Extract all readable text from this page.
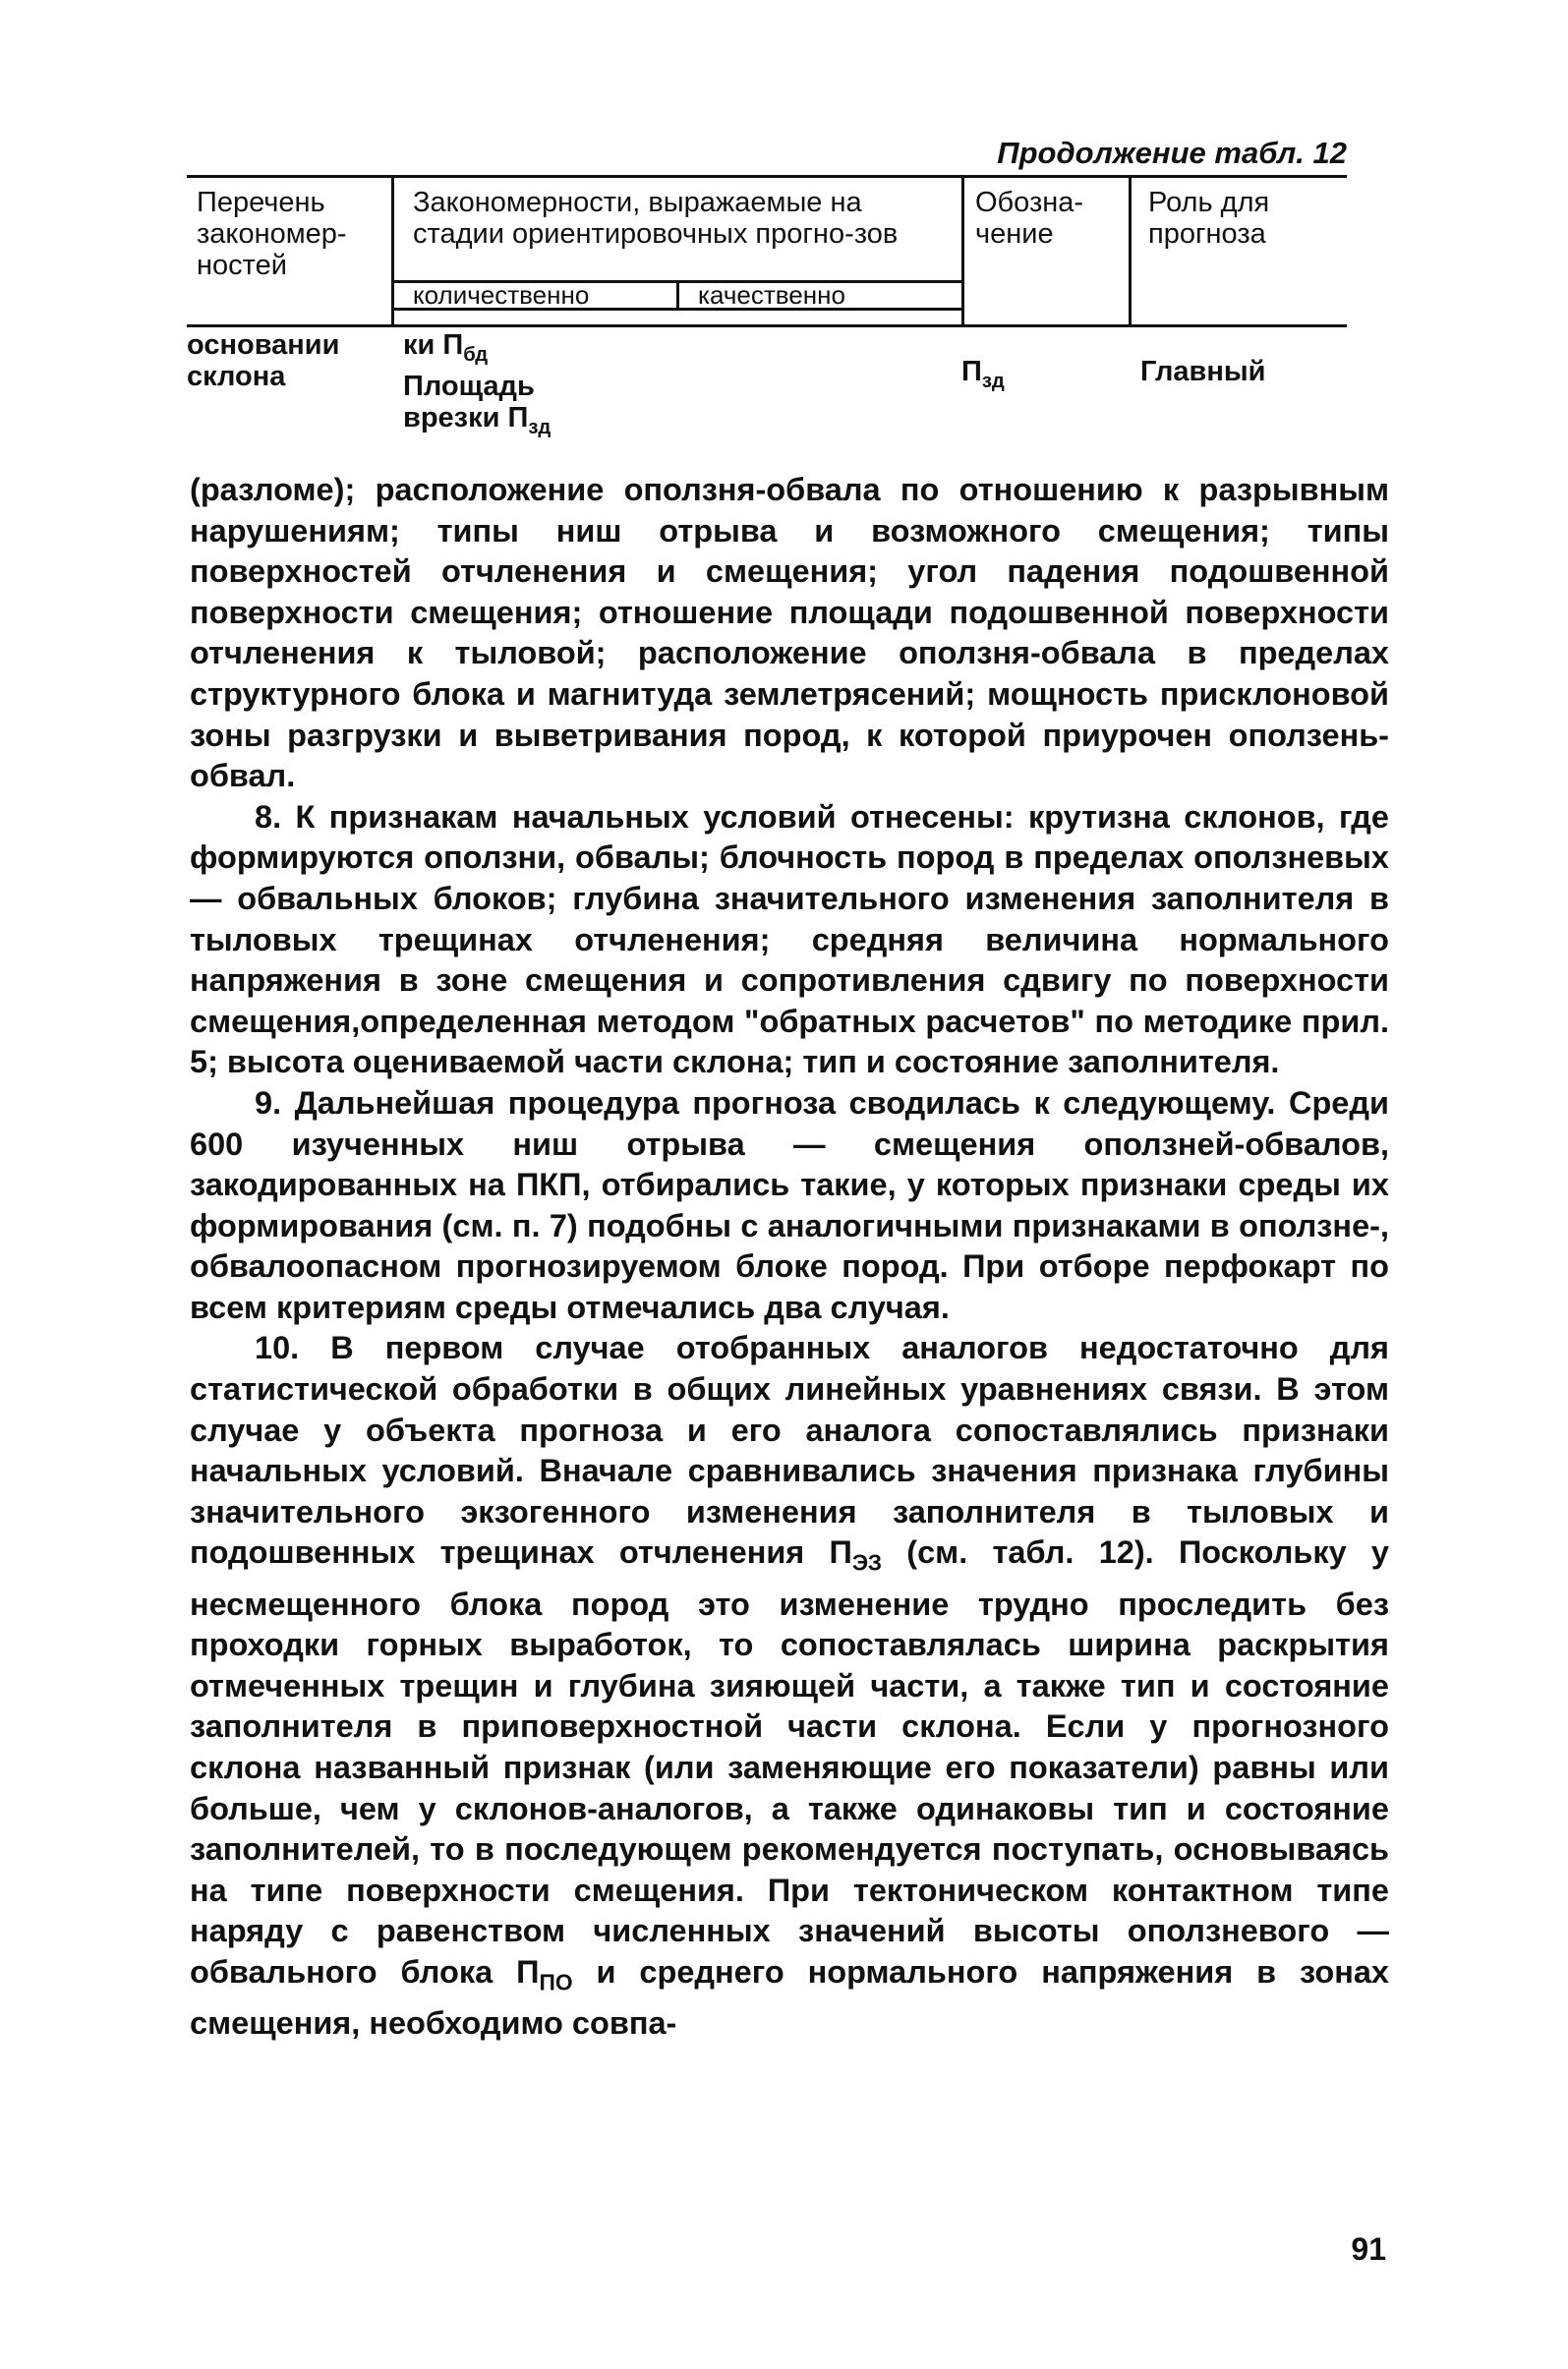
Продолжение табл. 12
Перечень закономер-ностей
Закономерности, выражаемые на стадии ориентировочных прогно-зов
количественно	качественно
Обозна-чение
Роль для прогноза
основании склона
ки $П_{бд}$
Площадь
врезки $П_{зд}$
$П_{зд}$	Главный

(разломе); расположение оползня-обвала по отношению к разрывным нарушениям; типы ниш отрыва и возможного смещения; типы поверхностей отчленения и смещения; угол падения подошвенной поверхности смещения; отношение площади подошвенной поверхности отчленения к тыловой; расположение оползня-обвала в пределах структурного блока и магнитуда землетрясений; мощность присклоновой зоны разгрузки и выветривания пород, к которой приурочен оползень-обвал.

8. К признакам начальных условий отнесены: крутизна склонов, где формируются оползни, обвалы; блочность пород в пределах оползневых — обвальных блоков; глубина значительного изменения заполнителя в тыловых трещинах отчленения; средняя величина нормального напряжения в зоне смещения и сопротивления сдвигу по поверхности смещения,определенная методом "обратных расчетов" по методике прил. 5; высота оцениваемой части склона; тип и состояние заполнителя.

9. Дальнейшая процедура прогноза сводилась к следующему. Среди 600 изученных ниш отрыва — смещения оползней-обвалов, закодированных на ПКП, отбирались такие, у которых признаки среды их формирования (см. п. 7) подобны с аналогичными признаками в оползне-, обвалоопасном прогнозируемом блоке пород. При отборе перфокарт по всем критериям среды отмечались два случая.

10. В первом случае отобранных аналогов недостаточно для статистической обработки в общих линейных уравнениях связи. В этом случае у объекта прогноза и его аналога сопоставлялись признаки начальных условий. Вначале сравнивались значения признака глубины значительного экзогенного изменения заполнителя в тыловых и подошвенных трещинах отчленения $П_{ЭЗ}$ (см. табл. 12). Поскольку у несмещенного блока пород это изменение трудно проследить без проходки горных выработок, то сопоставлялась ширина раскрытия отмеченных трещин и глубина зияющей части, а также тип и состояние заполнителя в приповерхностной части склона. Если у прогнозного склона названный признак (или заменяющие его показатели) равны или больше, чем у склонов-аналогов, а также одинаковы тип и состояние заполнителей, то в последующем рекомендуется поступать, основываясь на типе поверхности смещения. При тектоническом контактном типе наряду с равенством численных значений высоты оползневого — обвального блока $П_{ПО}$ и среднего нормального напряжения в зонах смещения, необходимо совпа-

91
